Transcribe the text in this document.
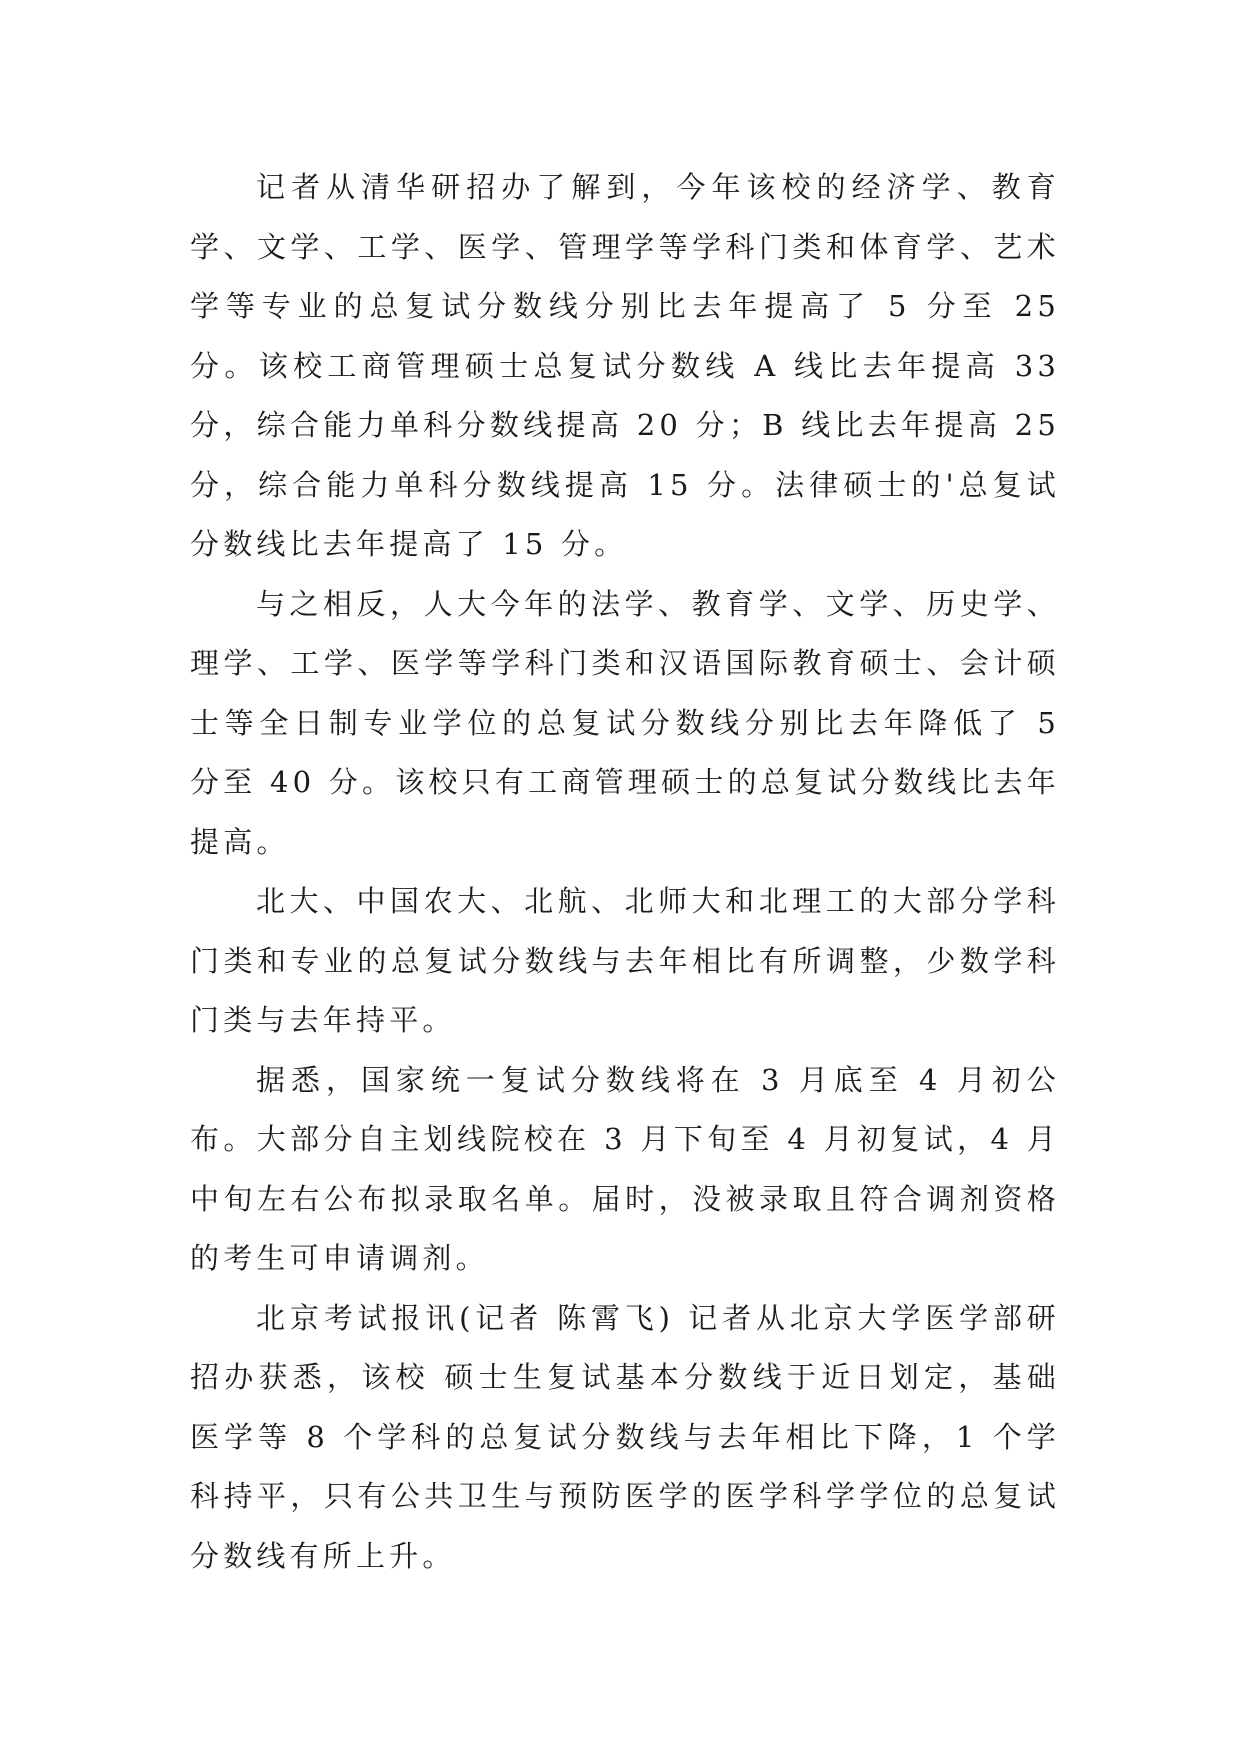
记者从清华研招办了解到，今年该校的经济学、教育学、文学、工学、医学、管理学等学科门类和体育学、艺术学等专业的总复试分数线分别比去年提高了 5 分至 25 分。该校工商管理硕士总复试分数线 A 线比去年提高 33 分，综合能力单科分数线提高 20 分；B 线比去年提高 25 分，综合能力单科分数线提高 15 分。法律硕士的'总复试分数线比去年提高了 15 分。

与之相反，人大今年的法学、教育学、文学、历史学、理学、工学、医学等学科门类和汉语国际教育硕士、会计硕士等全日制专业学位的总复试分数线分别比去年降低了 5 分至 40 分。该校只有工商管理硕士的总复试分数线比去年提高。

北大、中国农大、北航、北师大和北理工的大部分学科门类和专业的总复试分数线与去年相比有所调整，少数学科门类与去年持平。

据悉，国家统一复试分数线将在 3 月底至 4 月初公布。大部分自主划线院校在 3 月下旬至 4 月初复试，4 月中旬左右公布拟录取名单。届时，没被录取且符合调剂资格的考生可申请调剂。

北京考试报讯(记者 陈霄飞) 记者从北京大学医学部研招办获悉，该校 硕士生复试基本分数线于近日划定，基础医学等 8 个学科的总复试分数线与去年相比下降，1 个学科持平，只有公共卫生与预防医学的医学科学学位的总复试分数线有所上升。
